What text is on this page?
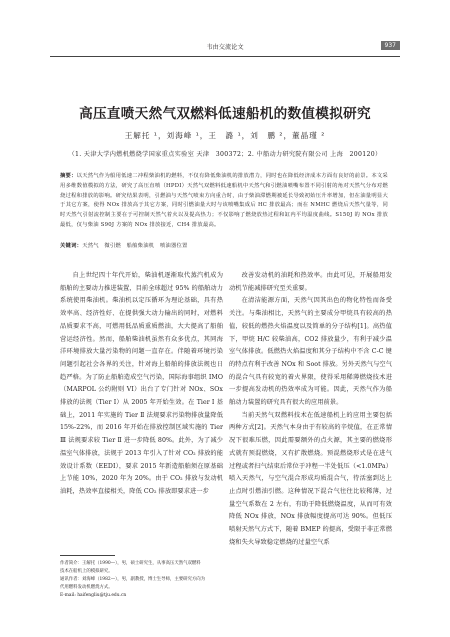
韦由交流论文	937
高压直喷天然气双燃料低速船机的数值模拟研究
王解托 ¹，刘海峰 ¹，王　潞 ¹，刘　鹏 ²，董晶瑾 ²
（1. 天津大学内燃机燃烧学国家重点实验室 天津　300372；2. 中船动力研究院有限公司 上海　200120）
摘要：以天然气作为船用低速二冲程柴油机的燃料，不仅有降低柴油机的排放潜力，同时也在降低经济成本方面有良好的前景。本文采用多维数值模拟的方法，研究了高压直喷（HPDI）天然气双燃料低速船机中天然气和引燃油喷嘴布置不同引射的角对天然气分布对燃烧过程和排放的影响。研究结果表明，引燃油与天然气喷束方向重合时，由于柴油滞燃期被延长导致初始压升率增加，但在油量明显大于其它方案，使得 NOx 排放高于其它方案，同时引燃油量大时与该喷嘴集成后 HC 排放最高；而在 NMHC 燃烧后天然气量等，同时天然气引射流控制主要在于可控制天然气着火以及提高热力；不仅影响了燃烧放热过程和缸内平均温度曲线。S150J 的 NOx 排放最低，仅与柴油 S90J 方案的 NOx 排放接近，CH4 排放最高。
关键词：天然气　微引燃　船舶柴油机　喷油器位置

自上世纪四十年代开始，柴油机逐渐取代蒸汽机成为船舶的主要动力推进装置，目前全球超过 95% 的船舶动力系统使用柴油机。柴油机以定压循环为理论基础，具有热效率高、经济性好、在提供强大动力输出的同时，对燃料品质要求不高，可燃用低品质重质燃油，大大提高了船舶营运经济性。然而，船舶柴油机虽然有众多优点，其同海洋环境排放大量污染物的问题一直存在。伴随着环境污染问题引起社会各界的关注，针对海上船舶的排放法规也日趋严格。为了防止船舶造成空气污染，国际海事组织 IMO（MARPOL 公约附则 VI）出台了专门针对 NOx、SOx 排放的法规（Tier Ⅰ）从 2005 年开始生效。在 Tier Ⅰ 基础上，2011 年实施的 Tier Ⅱ 法规要求污染物排放量降低 15%-22%，而 2016 年开始在排放控制区域实施的 Tier Ⅲ 法规要求较 Tier Ⅱ 进一步降低 80%。此外，为了减少温室气体排放，法规于 2013 年引入了针对 CO₂ 排放的能效设计系数（EEDI），要求 2015 年新造船舶须在原基础上节能 10%，2020 年为 20%。由于 CO₂ 排放与发动机油耗，热效率直接相关，降低 CO₂ 排放即要求进一步

改善发动机的油耗和热效率。由此可见，开展船用发动机节能减排研究至关重要。

在清洁能源方面，天然气因其出色的物化特性而备受关注。与柴油相比，天然气的主要成分甲烷具有较高的热值，较低的燃热火焰温度以及简单的分子结构[1]。高热值下，甲烷 H/C 较柴油高，CO2 排放量少，有利于减少温室气体排放。低燃热火焰温度和其分子结构中不含 C-C 键的特点有利于改善 NOx 和 Soot 排放。另外天然气与空气的混合气具有较宽的着火界限，使得采用稀薄燃烧技术进一步提高发动机的热效率成为可能。因此，天然气作为船舶动力装置的研究具有很大的应用前景。

当前天然气双燃料技术在低速船机上的应用主要包括两种方式[2]。天然气本身由于有较高的辛烷值，在正常情况下很难压燃，因此需要额外的点火源，其主要的燃烧形式就有预混燃烧，又有扩散燃烧。预混燃烧形式是在进气过程或者扫气结束后常位于冲程一半处低压（<1.0MPa）喷入天然气，与空气混合形成均质混合气，待活塞到达上止点时引燃油引燃。这种情况下混合气往往比较稀薄，过量空气系数在 2 左右，有助于降低燃烧温度，从而可有效降低 NOx 排放，NOx 排放幅度提高可达 90%。但低压喷射天然气方式下，随着 BMEP 的提高，受限于非正常燃烧和失火导致稳定燃烧的过量空气系

作者简介：王解托（1990—），男，硕士研究生，从事高压天然气双燃料
技术在船机上的模拟研究。
通讯作者：刘海峰（1982—），男，副教授，博士生导师，主要研究方向为
代用燃料发动机燃烧方式。
E-mail: haifengliu@tju.edu.cn
